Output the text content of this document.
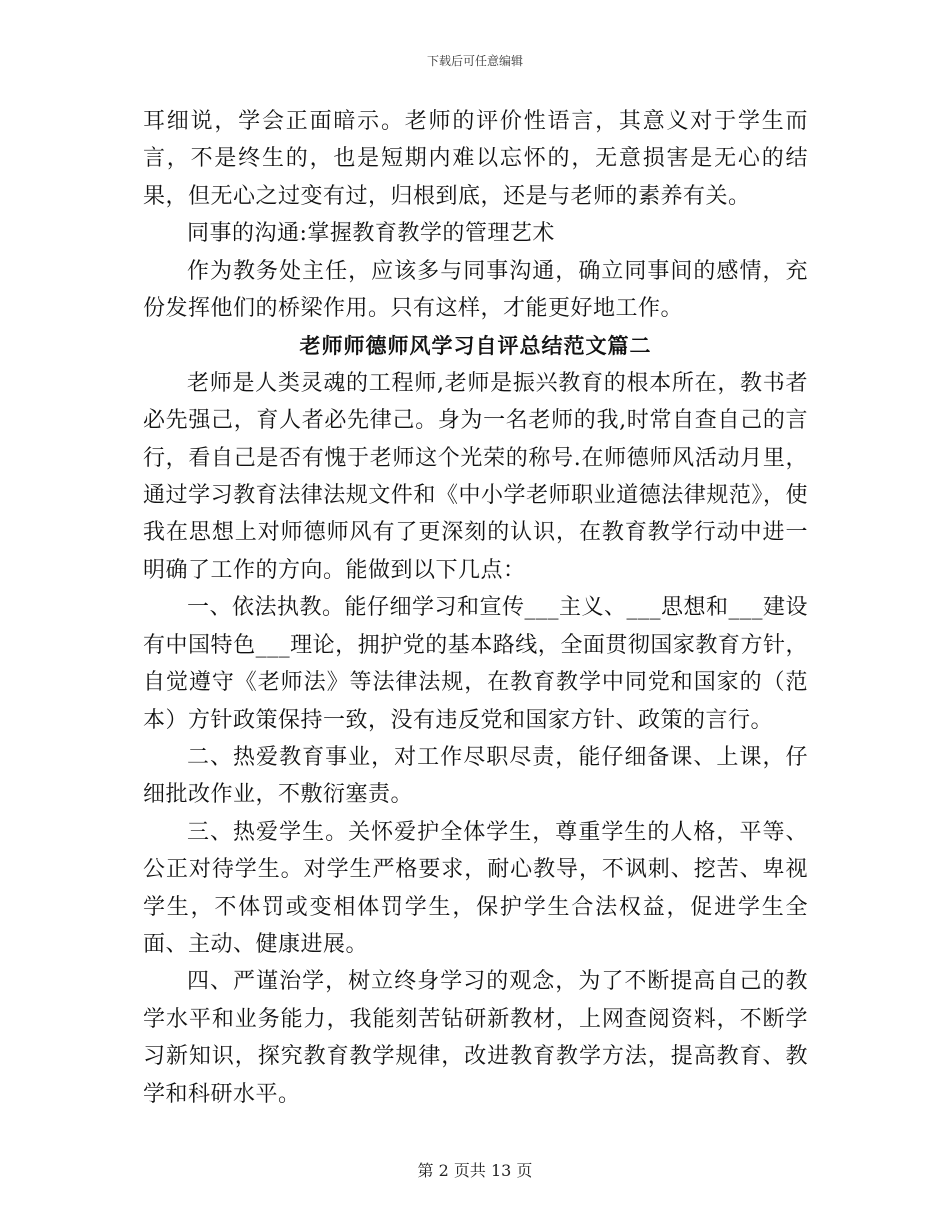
下载后可任意编辑

耳细说，学会正面暗示。老师的评价性语言，其意义对于学生而言，不是终生的，也是短期内难以忘怀的，无意损害是无心的结果，但无心之过变有过，归根到底，还是与老师的素养有关。

同事的沟通:掌握教育教学的管理艺术

作为教务处主任，应该多与同事沟通，确立同事间的感情，充份发挥他们的桥梁作用。只有这样，才能更好地工作。

老师师德师风学习自评总结范文篇二

老师是人类灵魂的工程师,老师是振兴教育的根本所在，教书者必先强己，育人者必先律己。身为一名老师的我,时常自查自己的言行，看自己是否有愧于老师这个光荣的称号.在师德师风活动月里，通过学习教育法律法规文件和《中小学老师职业道德法律规范》，使我在思想上对师德师风有了更深刻的认识，在教育教学行动中进一明确了工作的方向。能做到以下几点：

一、依法执教。能仔细学习和宣传___主义、___思想和___建设有中国特色___理论，拥护党的基本路线，全面贯彻国家教育方针，自觉遵守《老师法》等法律法规，在教育教学中同党和国家的（范本）方针政策保持一致，没有违反党和国家方针、政策的言行。

二、热爱教育事业，对工作尽职尽责，能仔细备课、上课，仔细批改作业，不敷衍塞责。

三、热爱学生。关怀爱护全体学生，尊重学生的人格，平等、公正对待学生。对学生严格要求，耐心教导，不讽刺、挖苦、卑视学生，不体罚或变相体罚学生，保护学生合法权益，促进学生全面、主动、健康进展。

四、严谨治学，树立终身学习的观念，为了不断提高自己的教学水平和业务能力，我能刻苦钻研新教材，上网查阅资料，不断学习新知识，探究教育教学规律，改进教育教学方法，提高教育、教学和科研水平。

第 2 页共 13 页
